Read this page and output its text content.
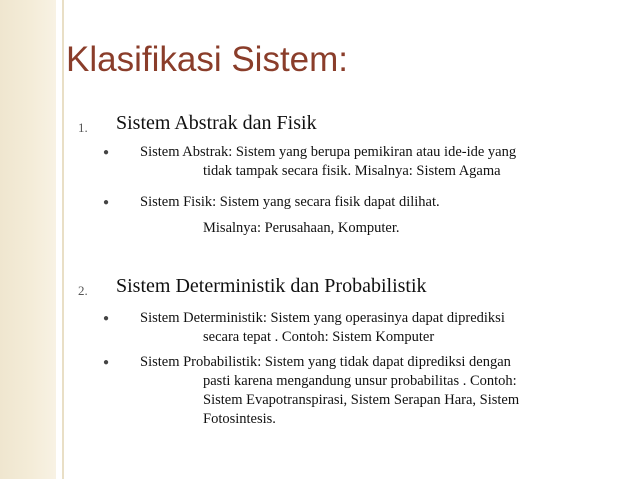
Klasifikasi Sistem:
1. Sistem Abstrak dan Fisik
● Sistem Abstrak: Sistem yang berupa pemikiran atau ide-ide yang
tidak tampak secara fisik. Misalnya: Sistem Agama
● Sistem Fisik: Sistem yang secara fisik dapat dilihat.
Misalnya: Perusahaan, Komputer.
2. Sistem Deterministik dan Probabilistik
● Sistem Deterministik: Sistem yang operasinya dapat diprediksi
secara tepat . Contoh: Sistem Komputer
● Sistem Probabilistik: Sistem yang tidak dapat diprediksi dengan
pasti karena mengandung unsur probabilitas . Contoh:
Sistem Evapotranspirasi, Sistem Serapan Hara, Sistem
Fotosintesis.
